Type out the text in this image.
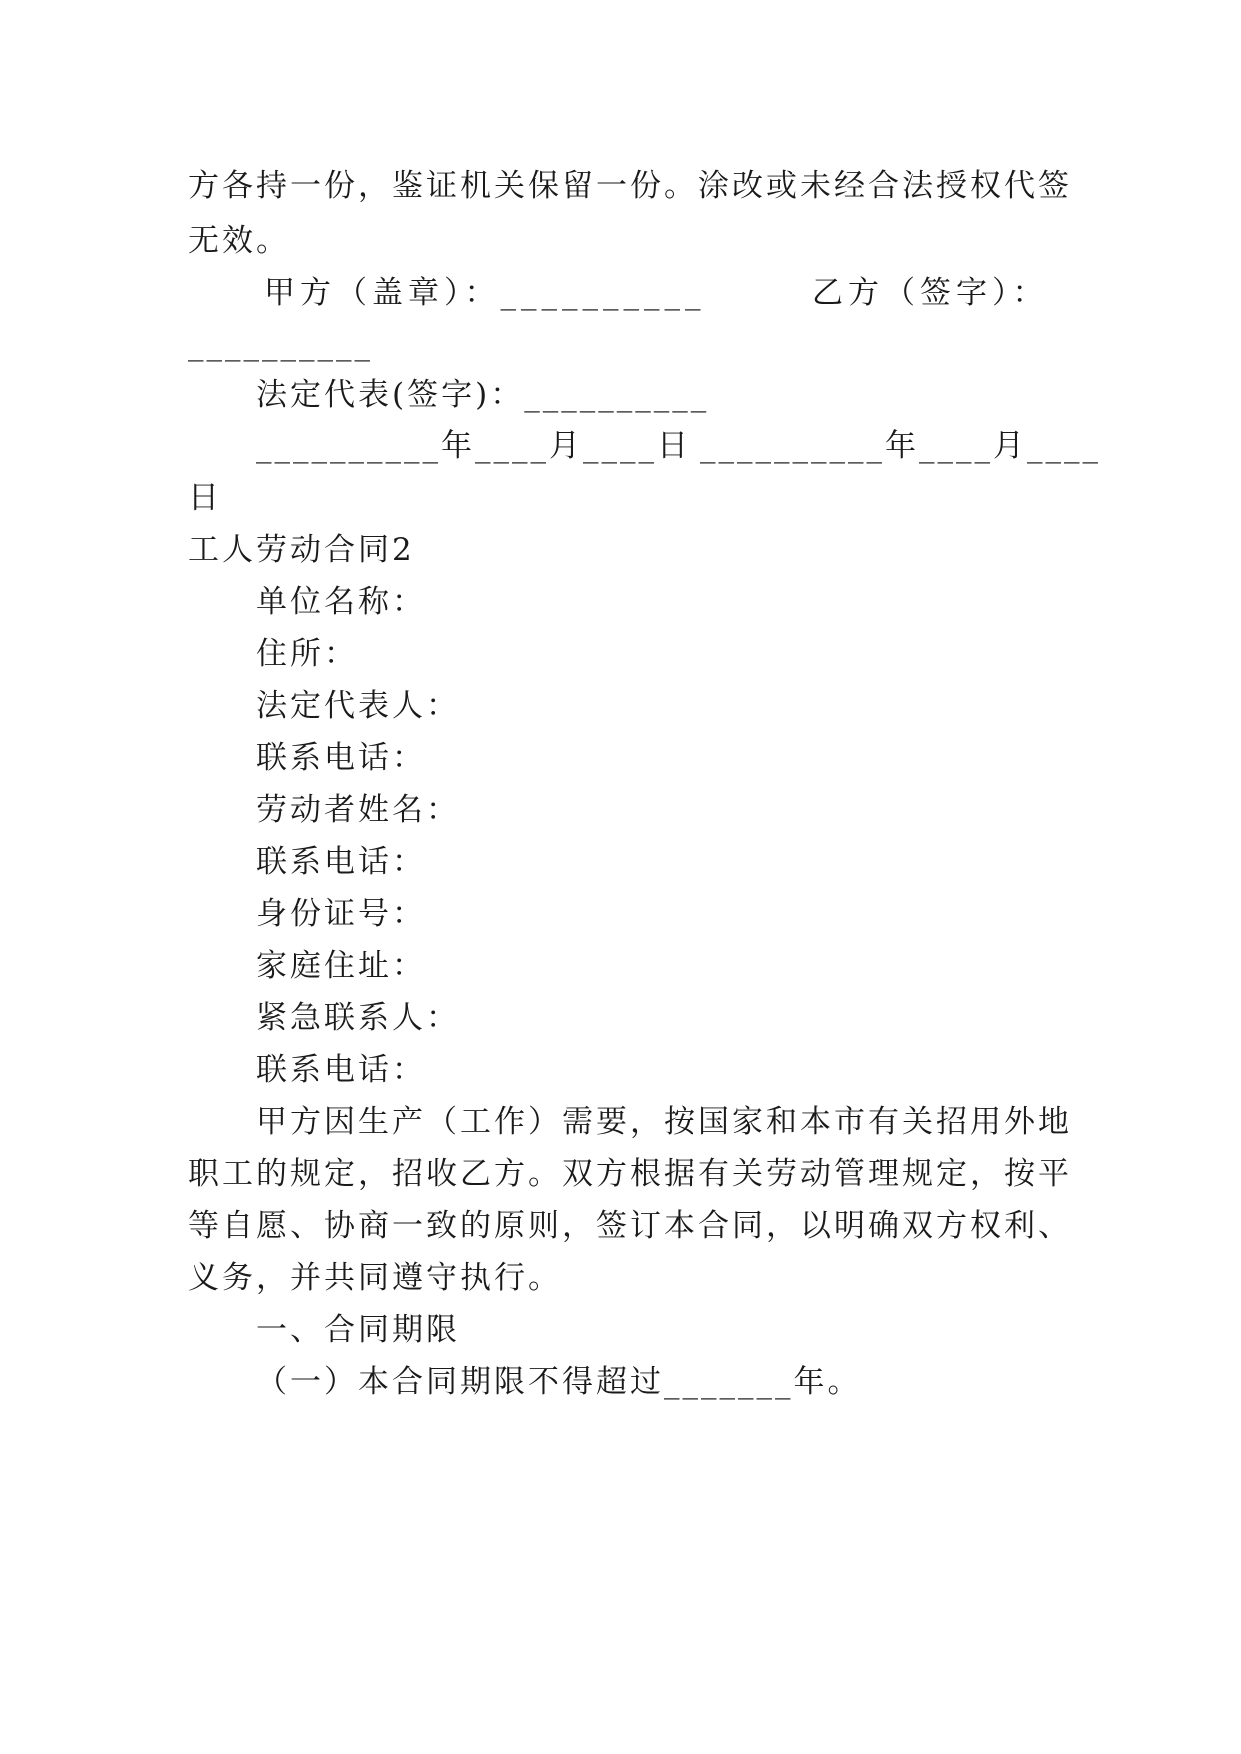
方各持一份，鉴证机关保留一份。涂改或未经合法授权代签
无效。
甲方（盖章）：__________	乙方（签字）：
__________
法定代表(签字)：__________
__________年____月____日 __________年____月____
日
工人劳动合同2
单位名称：
住所：
法定代表人：
联系电话：
劳动者姓名：
联系电话：
身份证号：
家庭住址：
紧急联系人：
联系电话：
甲方因生产（工作）需要，按国家和本市有关招用外地
职工的规定，招收乙方。双方根据有关劳动管理规定，按平
等自愿、协商一致的原则，签订本合同，以明确双方权利、
义务，并共同遵守执行。
一、合同期限
（一）本合同期限不得超过_______年。
